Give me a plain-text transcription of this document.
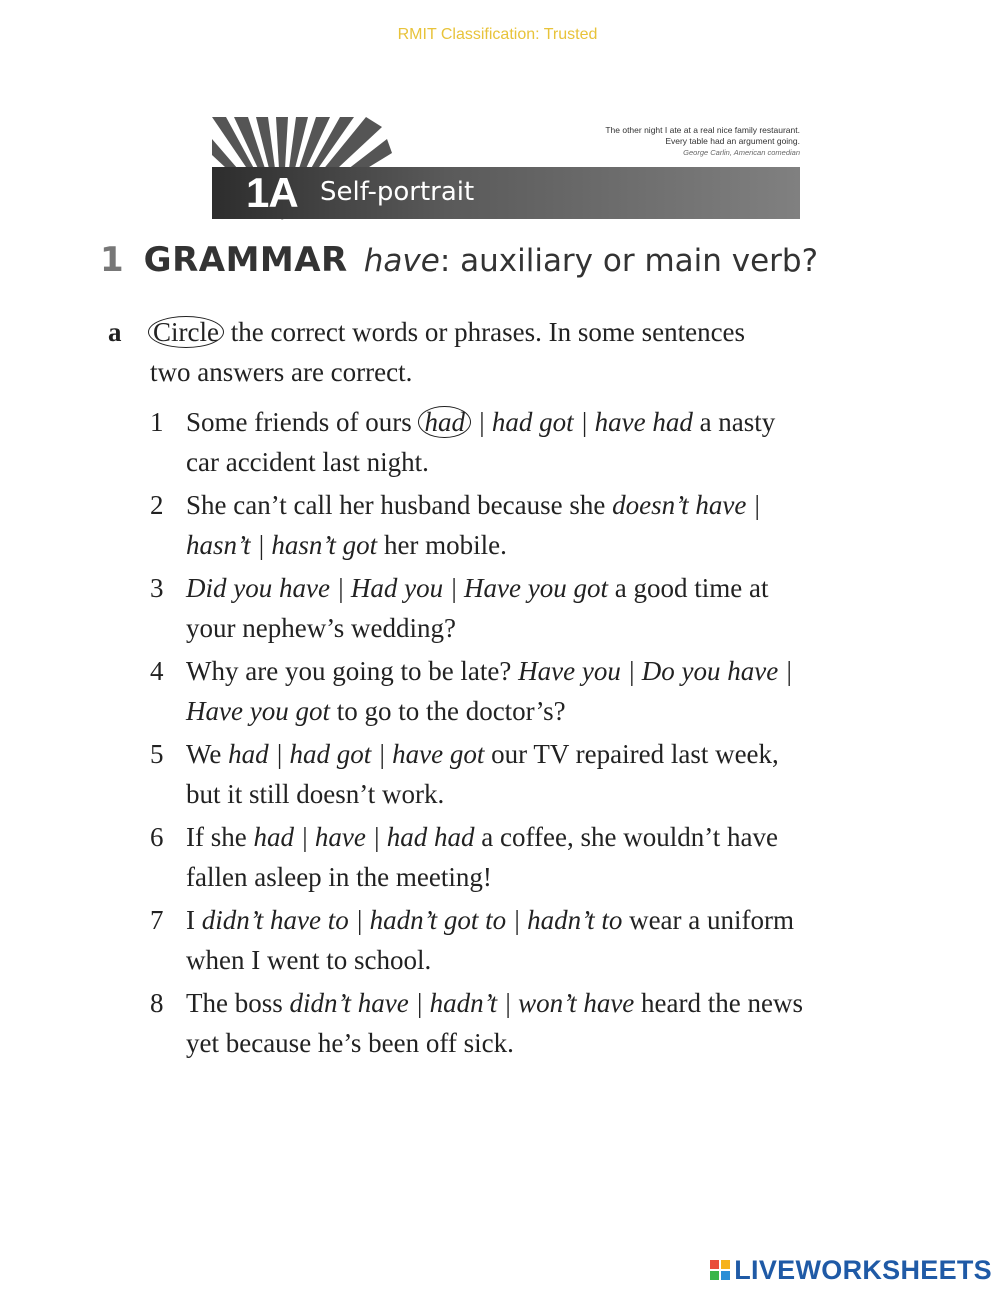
RMIT Classification: Trusted
1A Self-portrait
The other night I ate at a real nice family restaurant.
Every table had an argument going.
George Carlin, American comedian
1 GRAMMAR have: auxiliary or main verb?
a Circle the correct words or phrases. In some sentences
two answers are correct.
1 Some friends of ours had | had got | have had a nasty
car accident last night.
2 She can’t call her husband because she doesn’t have |
hasn’t | hasn’t got her mobile.
3 Did you have | Had you | Have you got a good time at
your nephew’s wedding?
4 Why are you going to be late? Have you | Do you have |
Have you got to go to the doctor’s?
5 We had | had got | have got our TV repaired last week,
but it still doesn’t work.
6 If she had | have | had had a coffee, she wouldn’t have
fallen asleep in the meeting!
7 I didn’t have to | hadn’t got to | hadn’t to wear a uniform
when I went to school.
8 The boss didn’t have | hadn’t | won’t have heard the news
yet because he’s been off sick.
LIVEWORKSHEETS
